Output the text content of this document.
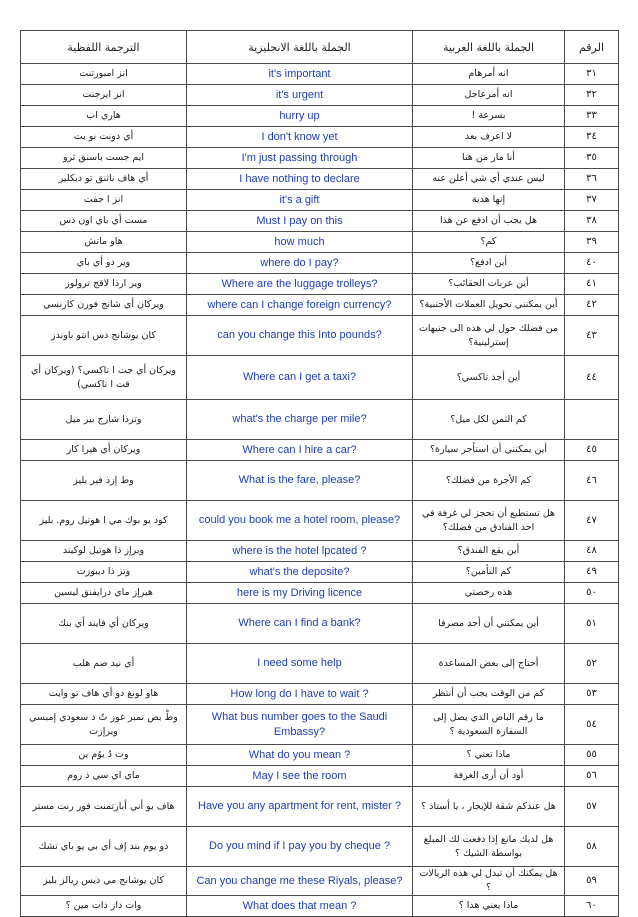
الرقم	الجملة باللغة العربية	الجملة باللغة الانجليزية	الترجمة اللفظية
٣١	انه أمرهام	it's important	انز امبورتنت
٣٢	انه أمرعاجل	it's urgent	انز ايرجنت
٣٣	بسرعة !	hurry up	هاري اب
٣٤	لا اعرف بعد	I don't know yet	أي دونت نو يت
٣٥	أنا مار من هنا	I'm just passing through	ايم جست باسنق ثرو
٣٦	ليس عندي أي شي أعلن عنه	I have nothing to declare	أي هاف ناثنق تو ديكلير
٣٧	إنها هدية	it's a gift	انز ا جفت
٣٨	هل يجب أن ادفع عن هذا	Must I pay on this	مست أي باي اون ذس
٣٩	كم؟	how much	هاو ماتش
٤٠	أين ادفع؟	where do I pay?	وير دو أي باي
٤١	أين عربات الحقائب؟	Where are the luggage trolleys?	وير ارذا لاقج ترولوز
٤٢	أين يمكنني تحويل العملات الأجنبية؟	where can I change foreign currency?	ويركان أي شانج فورن كارنسي
٤٣	من فضلك حول لي هذه الى جنيهات إسترلينية؟	can you change this Into pounds?	كان يوشانج ذس انتو باوندز
٤٤	أين أجد تاكسي؟	Where can I get a taxi?	ويركان أي جت ا تاكسي؟ (ويركان أي قت ا تاكسي)
	كم الثمن لكل ميل؟	what's the charge per mile?	وتزذا شارج بير ميل
٤٥	أين يمكنني أن استأجر سيارة؟	Where can I hire a car?	ويركان أي هيرا كار
٤٦	كم الأجرة من فضلك؟	What is the fare, please?	وط إزذ فير بليز
٤٧	هل تستطيع أن تحجز لي غرفة في احد الفنادق من فضلك؟	could you book me a hotel room, please?	كود يو بوك مي ا هوتيل روم. بليز
٤٨	أين يقع الفندق؟	where is the hotel lpcated ?	ويرإز ذا هوتيل لوكيتد
٤٩	كم التأمين؟	what's the deposite?	وتز ذا ديبوزت
٥٠	هذه رخصتي	here is my Driving licence	هيرإز ماي درايفنق ليسين
٥١	أين يمكنني أن أجد مصرفا	Where can I find a bank?	ويركان أي فايند أي بنك
٥٢	أحتاج إلى بعض المساعدة	I need some help	أي نيد صم هلب
٥٣	كم من الوقت يجب أن أنتظر	How long do I have to wait ?	هاو لونغ دو أي هاف تو وايت
٥٤	ما رقم الباص الذي يصل إلى السفارة السعودية ؟	What bus number goes to the Saudi Embassy?	وطْ بص نمبر غوز تُ ذ سعودي إمبسي ويرإزت
٥٥	ماذا تعني ؟	What do you mean ?	وت دُ يوُم ين
٥٦	أود أن أرى الغرفة	May I see the room	ماي اي سي ذ روم
٥٧	هل عندكم شقة للإيجار ، يا أستاذ ؟	Have you any apartment for rent, mister ?	هاف يو أني أبارتمنت فور رنت مستر
٥٨	هل لديك مانع إذا دفعت لك المبلغ بواسطة الشيك ؟	Do you mind if I pay you by cheque ?	دو يوم بند إف أي بي يو باي تشك
٥٩	هل يمكنك أن تبدل لي هذه الريالات ؟	Can you change me these Riyals, please?	كان يوشانج مي ذيس ريالز بليز
٦٠	ماذا يعني هذا ؟	What does that mean ?	وات داز ذات مين ؟
